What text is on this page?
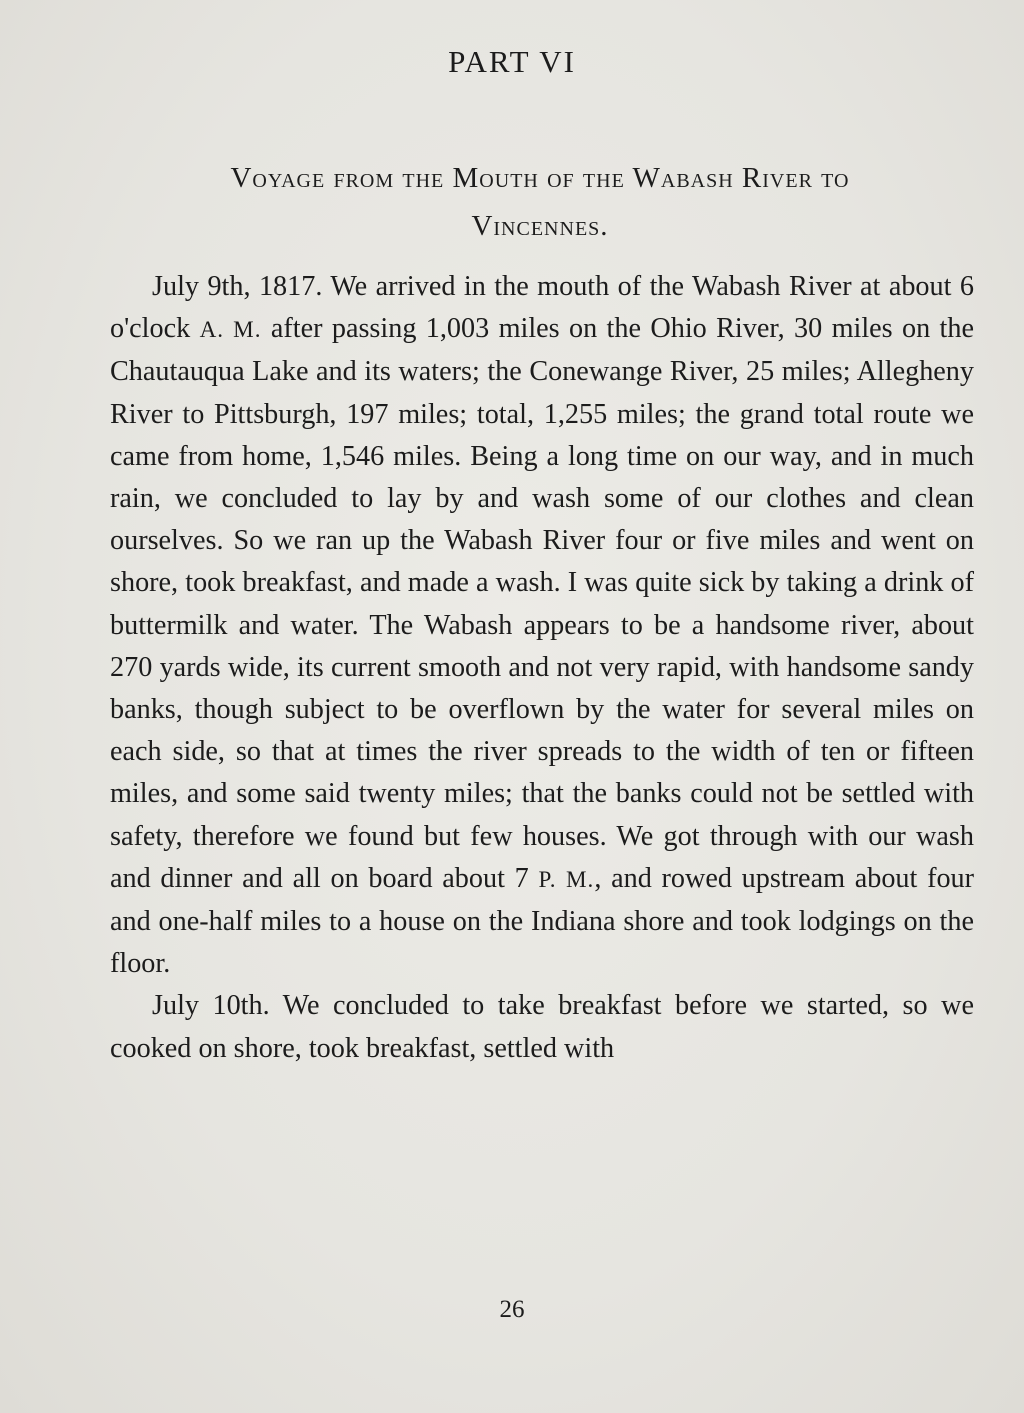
PART VI
Voyage from the Mouth of the Wabash River to
Vincennes.

July 9th, 1817. We arrived in the mouth of the Wabash River at about 6 o'clock A. M. after passing 1,003 miles on the Ohio River, 30 miles on the Chautauqua Lake and its waters; the Conewange River, 25 miles; Allegheny River to Pittsburgh, 197 miles; total, 1,255 miles; the grand total route we came from home, 1,546 miles. Being a long time on our way, and in much rain, we concluded to lay by and wash some of our clothes and clean ourselves. So we ran up the Wabash River four or five miles and went on shore, took breakfast, and made a wash. I was quite sick by taking a drink of buttermilk and water. The Wabash appears to be a handsome river, about 270 yards wide, its current smooth and not very rapid, with handsome sandy banks, though subject to be overflown by the water for several miles on each side, so that at times the river spreads to the width of ten or fifteen miles, and some said twenty miles; that the banks could not be settled with safety, therefore we found but few houses. We got through with our wash and dinner and all on board about 7 P. M., and rowed upstream about four and one-half miles to a house on the Indiana shore and took lodgings on the floor.

July 10th. We concluded to take breakfast before we started, so we cooked on shore, took breakfast, settled with

26
